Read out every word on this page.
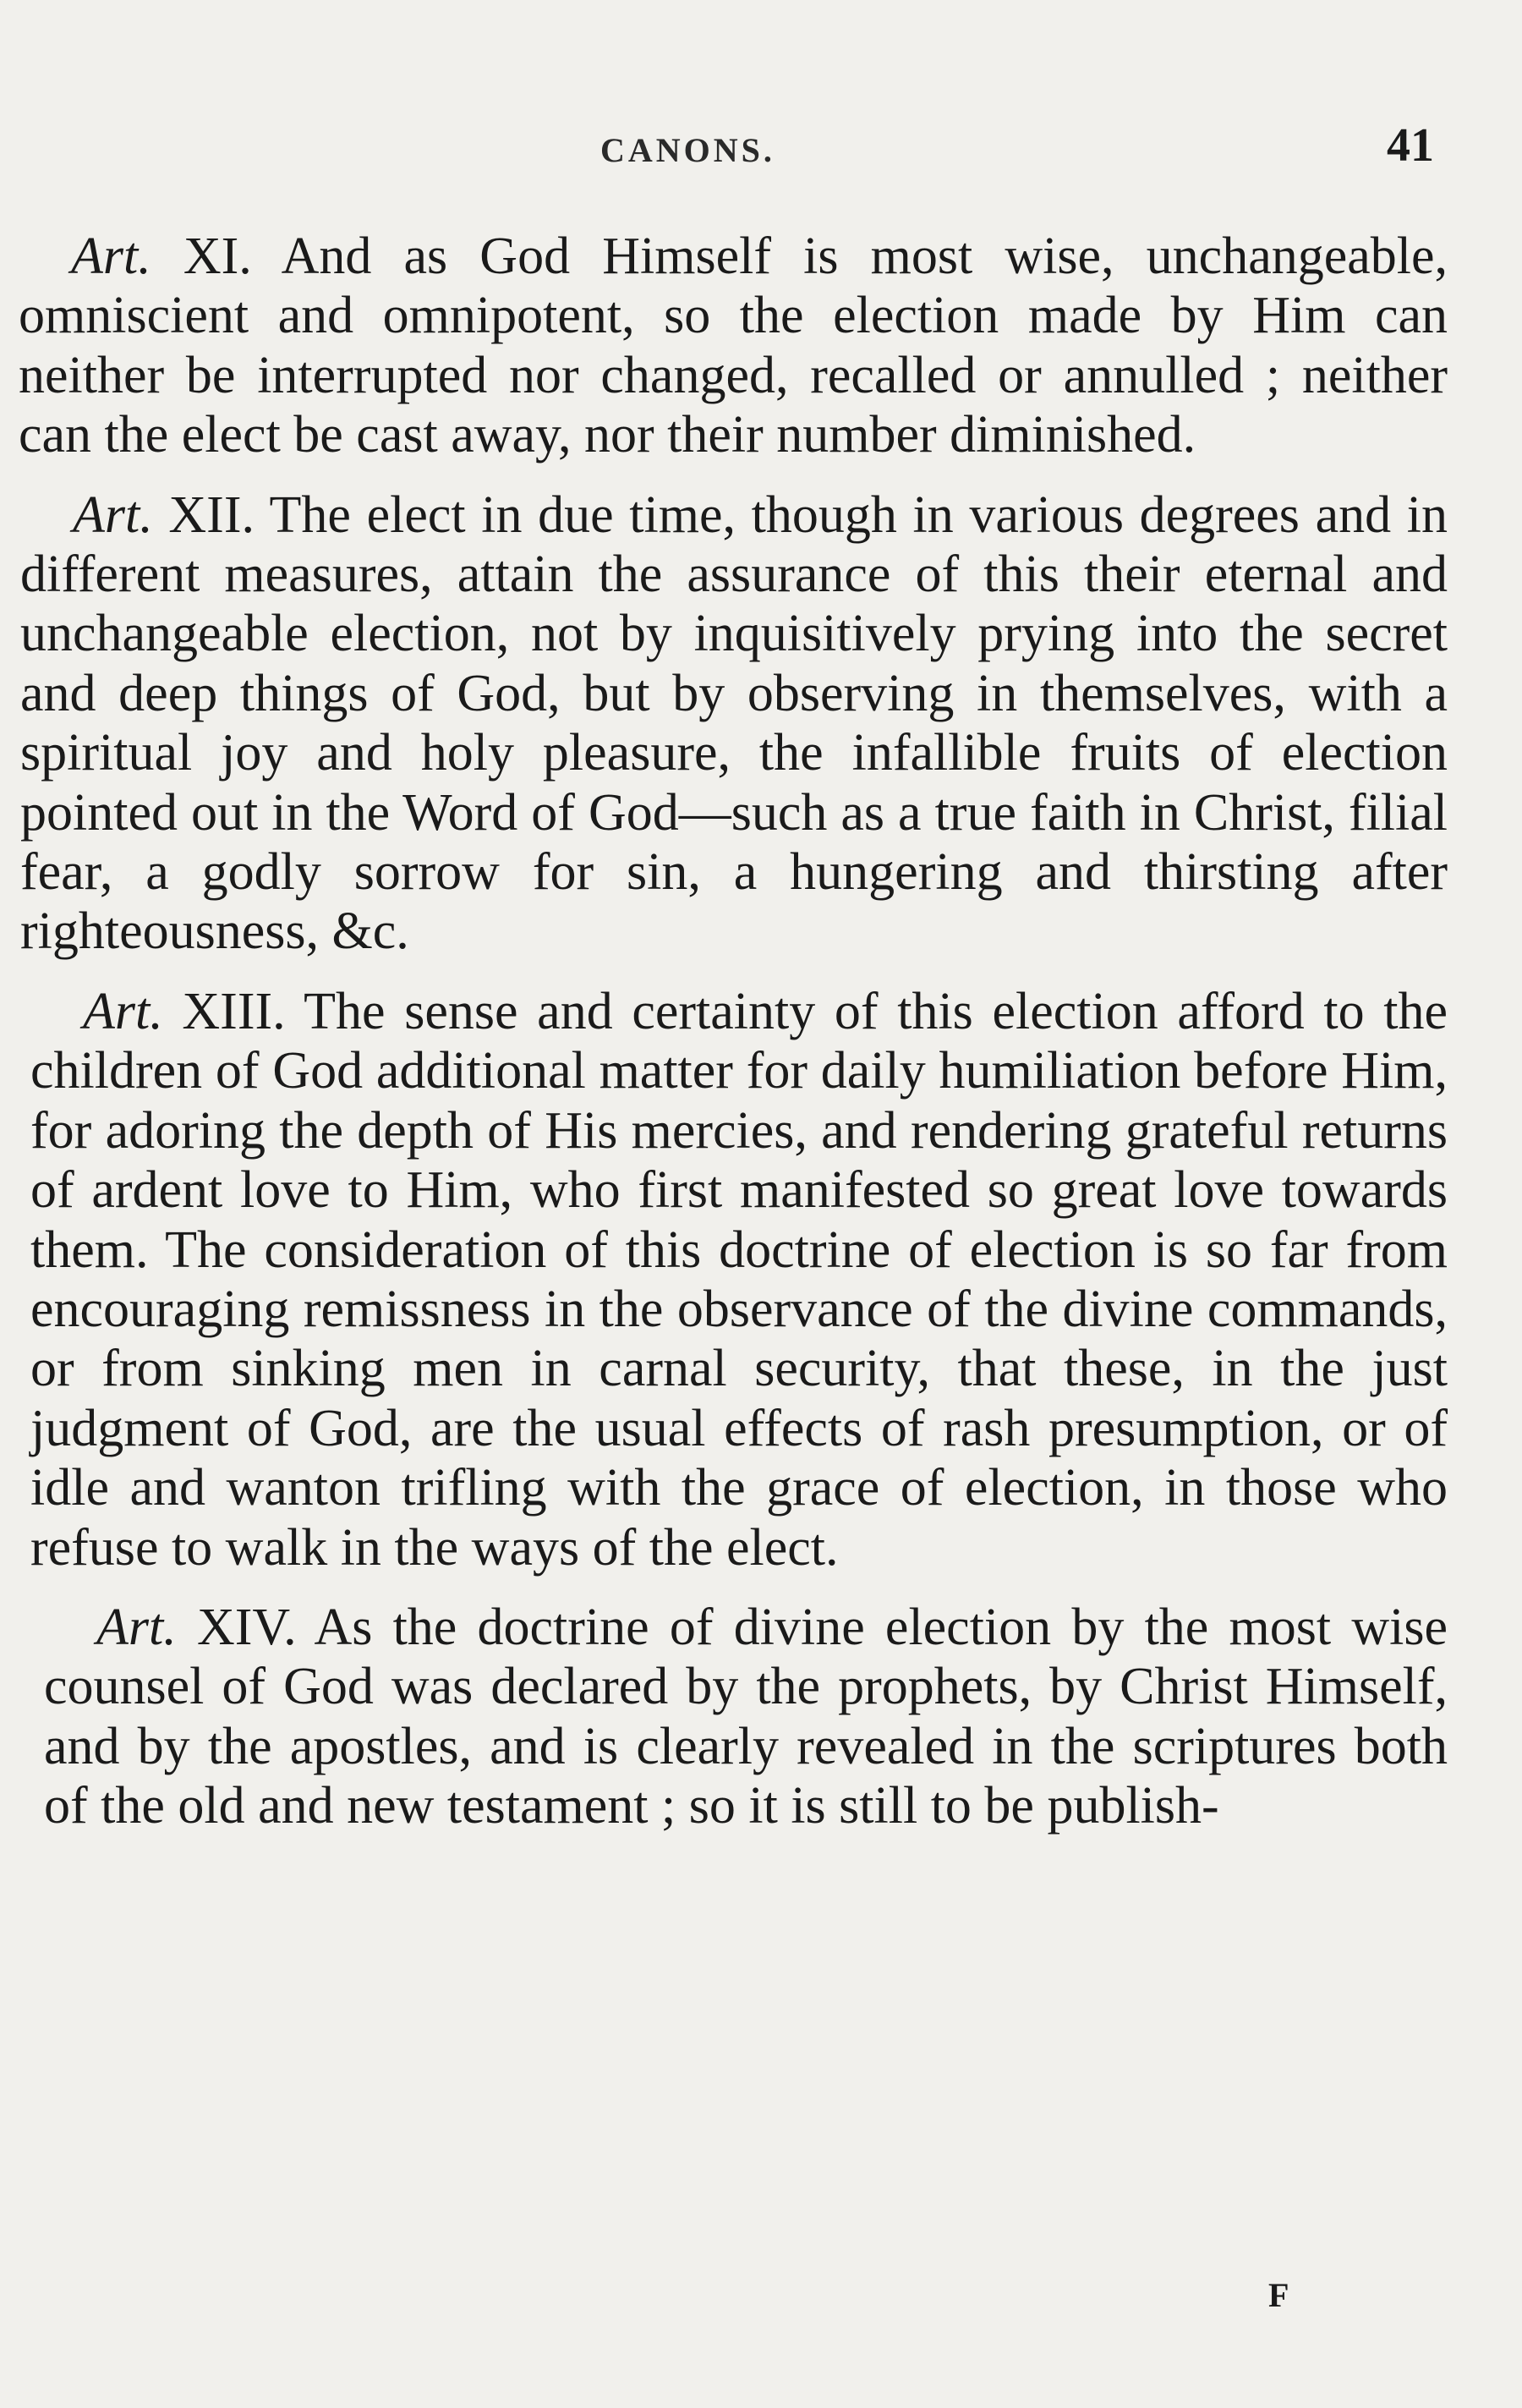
CANONS.	41

Art. XI. And as God Himself is most wise, unchangeable, omniscient and omnipotent, so the election made by Him can neither be interrupted nor changed, recalled or annulled ; neither can the elect be cast away, nor their number diminished.

Art. XII. The elect in due time, though in various degrees and in different measures, attain the assurance of this their eternal and unchangeable election, not by inquisitively prying into the secret and deep things of God, but by observing in themselves, with a spiritual joy and holy pleasure, the infallible fruits of election pointed out in the Word of God—such as a true faith in Christ, filial fear, a godly sorrow for sin, a hungering and thirsting after righteousness, &c.

Art. XIII. The sense and certainty of this election afford to the children of God additional matter for daily humiliation before Him, for adoring the depth of His mercies, and rendering grateful returns of ardent love to Him, who first manifested so great love towards them. The consideration of this doctrine of election is so far from encouraging remissness in the observance of the divine commands, or from sinking men in carnal security, that these, in the just judgment of God, are the usual effects of rash presumption, or of idle and wanton trifling with the grace of election, in those who refuse to walk in the ways of the elect.

Art. XIV. As the doctrine of divine election by the most wise counsel of God was declared by the prophets, by Christ Himself, and by the apostles, and is clearly revealed in the scriptures both of the old and new testament ; so it is still to be publish-

F
